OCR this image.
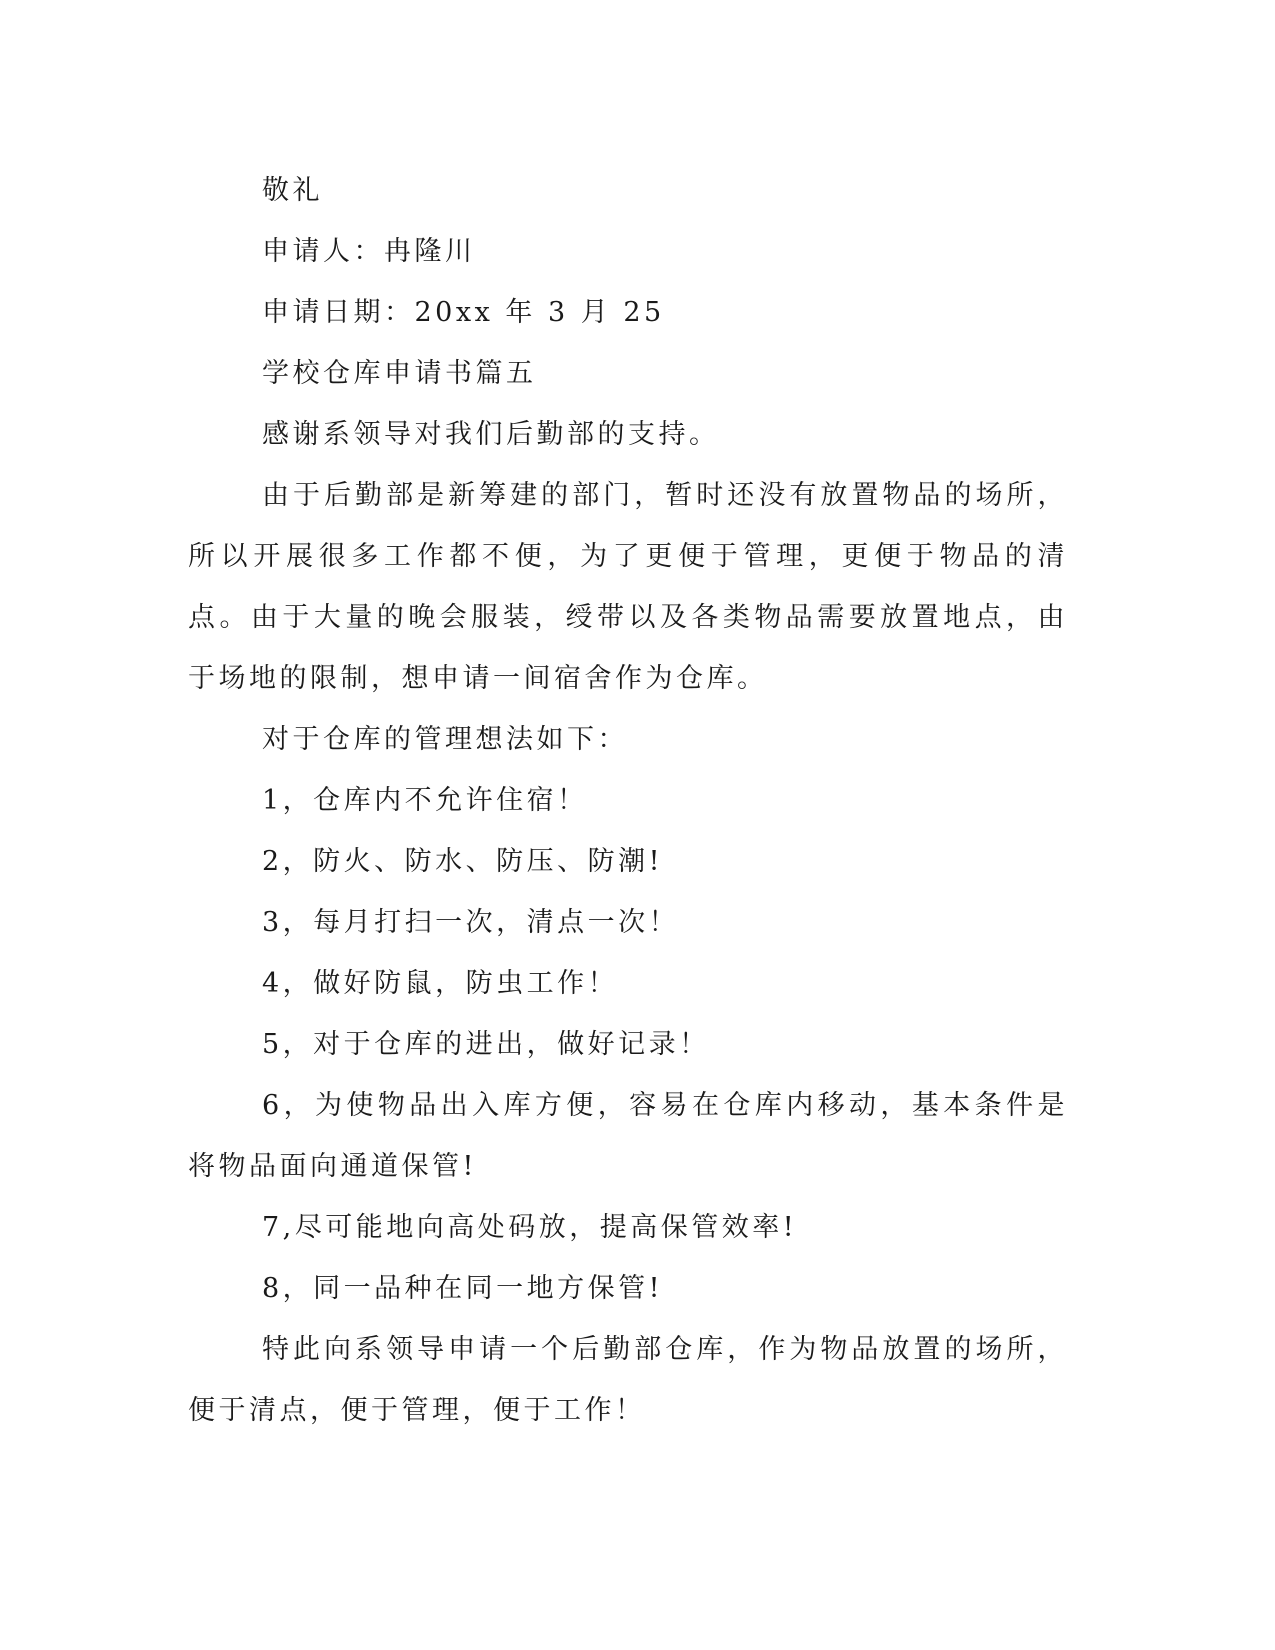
敬礼

申请人：冉隆川

申请日期：20xx 年 3 月 25

学校仓库申请书篇五

感谢系领导对我们后勤部的支持。

由于后勤部是新筹建的部门，暂时还没有放置物品的场所，所以开展很多工作都不便，为了更便于管理，更便于物品的清点。由于大量的晚会服装，绶带以及各类物品需要放置地点，由于场地的限制，想申请一间宿舍作为仓库。

对于仓库的管理想法如下：

1，仓库内不允许住宿！

2，防火、防水、防压、防潮!

3，每月打扫一次，清点一次！

4，做好防鼠，防虫工作！

5，对于仓库的进出，做好记录！

6，为使物品出入库方便，容易在仓库内移动，基本条件是将物品面向通道保管!

7,尽可能地向高处码放，提高保管效率!

8，同一品种在同一地方保管!

特此向系领导申请一个后勤部仓库，作为物品放置的场所，便于清点，便于管理，便于工作！
